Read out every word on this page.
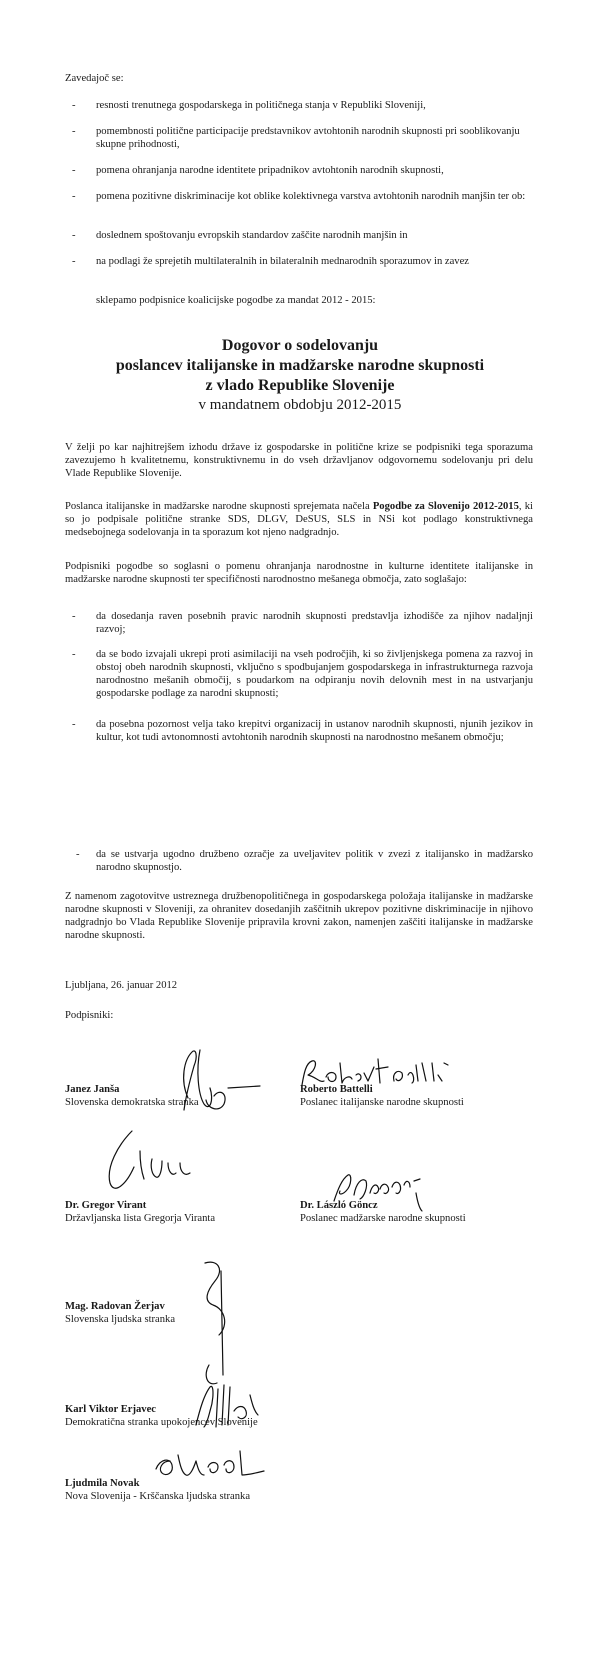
Zavedajoč se:
- resnosti trenutnega gospodarskega in političnega stanja v Republiki Sloveniji,
- pomembnosti politične participacije predstavnikov avtohtonih narodnih skupnosti pri sooblikovanju skupne prihodnosti,
- pomena ohranjanja narodne identitete pripadnikov avtohtonih narodnih skupnosti,
- pomena pozitivne diskriminacije kot oblike kolektivnega varstva avtohtonih narodnih manjšin ter ob:
- doslednem spoštovanju evropskih standardov zaščite narodnih manjšin in
- na podlagi že sprejetih multilateralnih in bilateralnih mednarodnih sporazumov in zavez
sklepamo podpisnice koalicijske pogodbe za mandat 2012 - 2015:
Dogovor o sodelovanju
poslancev italijanske in madžarske narodne skupnosti
z vlado Republike Slovenije
v mandatnem obdobju 2012-2015
V želji po kar najhitrejšem izhodu države iz gospodarske in politične krize se podpisniki tega sporazuma zavezujemo h kvalitetnemu, konstruktivnemu in do vseh državljanov odgovornemu sodelovanju pri delu Vlade Republike Slovenije.
Poslanca italijanske in madžarske narodne skupnosti sprejemata načela Pogodbe za Slovenijo 2012-2015, ki so jo podpisale politične stranke SDS, DLGV, DeSUS, SLS in NSi kot podlago konstruktivnega medsebojnega sodelovanja in ta sporazum kot njeno nadgradnjo.
Podpisniki pogodbe so soglasni o pomenu ohranjanja narodnostne in kulturne identitete italijanske in madžarske narodne skupnosti ter specifičnosti narodnostno mešanega območja, zato soglašajo:
- da dosedanja raven posebnih pravic narodnih skupnosti predstavlja izhodišče za njihov nadaljnji razvoj;
- da se bodo izvajali ukrepi proti asimilaciji na vseh področjih, ki so življenjskega pomena za razvoj in obstoj obeh narodnih skupnosti, vključno s spodbujanjem gospodarskega in infrastrukturnega razvoja narodnostno mešanih območij, s poudarkom na odpiranju novih delovnih mest in na ustvarjanju gospodarske podlage za narodni skupnosti;
- da posebna pozornost velja tako krepitvi organizacij in ustanov narodnih skupnosti, njunih jezikov in kultur, kot tudi avtonomnosti avtohtonih narodnih skupnosti na narodnostno mešanem območju;
- da se ustvarja ugodno družbeno ozračje za uveljavitev politik v zvezi z italijansko in madžarsko narodno skupnostjo.
Z namenom zagotovitve ustreznega družbenopolitičnega in gospodarskega položaja italijanske in madžarske narodne skupnosti v Sloveniji, za ohranitev dosedanjih zaščitnih ukrepov pozitivne diskriminacije in njihovo nadgradnjo bo Vlada Republike Slovenije pripravila krovni zakon, namenjen zaščiti italijanske in madžarske narodne skupnosti.
Ljubljana, 26. januar 2012
Podpisniki:
Janez Janša
Slovenska demokratska stranka
Roberto Battelli
Poslanec italijanske narodne skupnosti
Dr. Gregor Virant
Državljanska lista Gregorja Viranta
Dr. László Göncz
Poslanec madžarske narodne skupnosti
Mag. Radovan Žerjav
Slovenska ljudska stranka
Karl Viktor Erjavec
Demokratična stranka upokojencev Slovenije
Ljudmila Novak
Nova Slovenija - Krščanska ljudska stranka
